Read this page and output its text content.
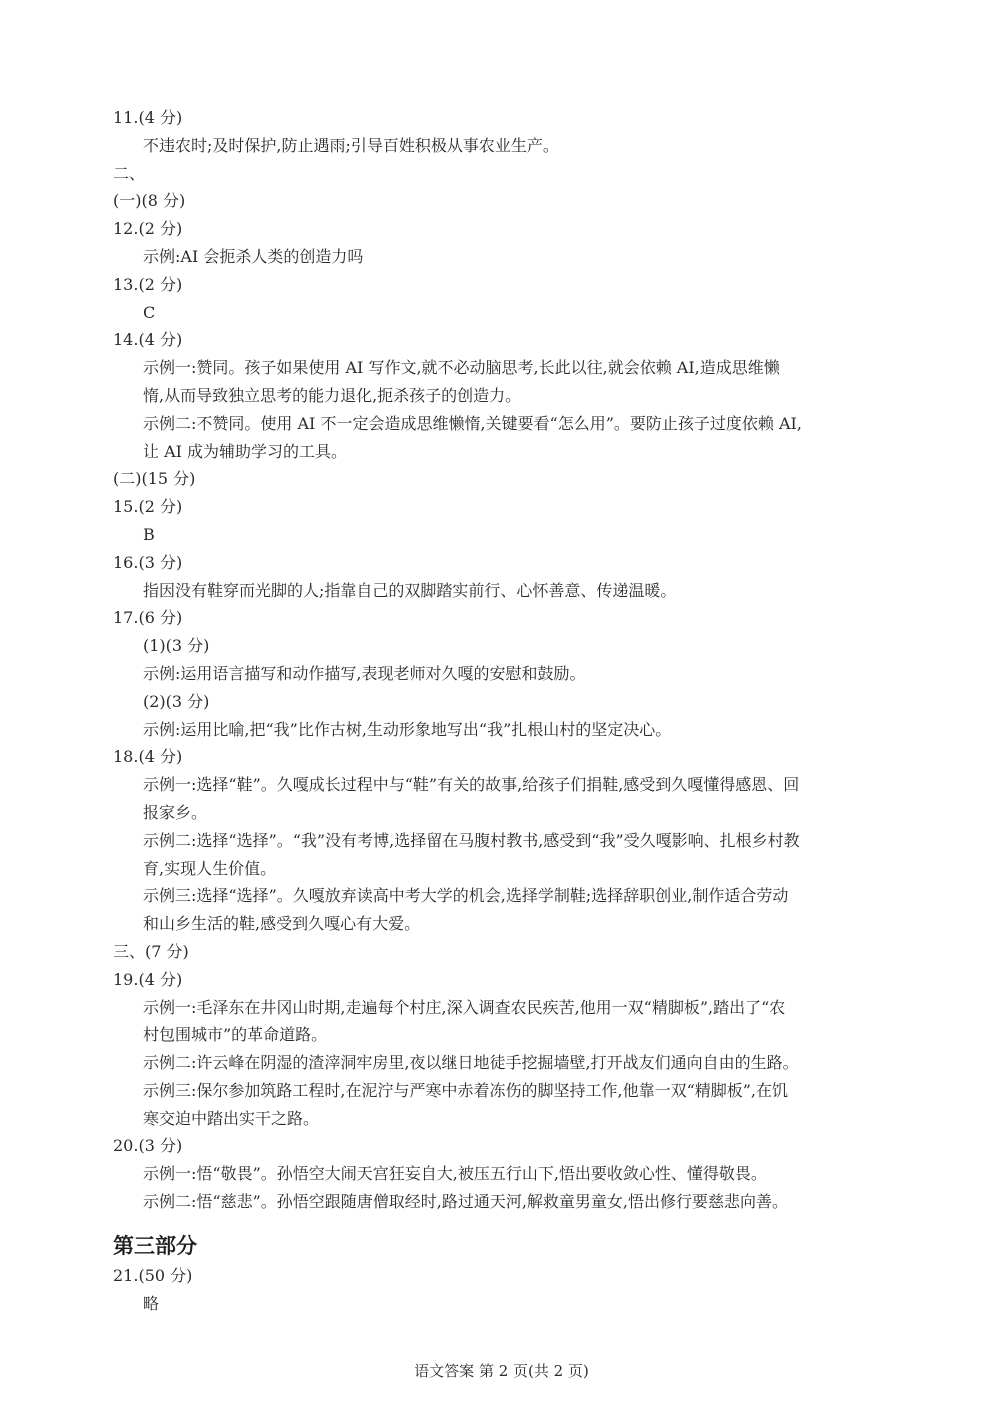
11.(4 分)
不违农时;及时保护,防止遇雨;引导百姓积极从事农业生产。
二、
(一)(8 分)
12.(2 分)
示例:AI 会扼杀人类的创造力吗
13.(2 分)
C
14.(4 分)
示例一:赞同。孩子如果使用 AI 写作文,就不必动脑思考,长此以往,就会依赖 AI,造成思维懒
惰,从而导致独立思考的能力退化,扼杀孩子的创造力。
示例二:不赞同。使用 AI 不一定会造成思维懒惰,关键要看“怎么用”。要防止孩子过度依赖 AI,
让 AI 成为辅助学习的工具。
(二)(15 分)
15.(2 分)
B
16.(3 分)
指因没有鞋穿而光脚的人;指靠自己的双脚踏实前行、心怀善意、传递温暖。
17.(6 分)
(1)(3 分)
示例:运用语言描写和动作描写,表现老师对久嘎的安慰和鼓励。
(2)(3 分)
示例:运用比喻,把“我”比作古树,生动形象地写出“我”扎根山村的坚定决心。
18.(4 分)
示例一:选择“鞋”。久嘎成长过程中与“鞋”有关的故事,给孩子们捐鞋,感受到久嘎懂得感恩、回
报家乡。
示例二:选择“选择”。“我”没有考博,选择留在马腹村教书,感受到“我”受久嘎影响、扎根乡村教
育,实现人生价值。
示例三:选择“选择”。久嘎放弃读高中考大学的机会,选择学制鞋;选择辞职创业,制作适合劳动
和山乡生活的鞋,感受到久嘎心有大爱。
三、(7 分)
19.(4 分)
示例一:毛泽东在井冈山时期,走遍每个村庄,深入调查农民疾苦,他用一双“精脚板”,踏出了“农
村包围城市”的革命道路。
示例二:许云峰在阴湿的渣滓洞牢房里,夜以继日地徒手挖掘墙壁,打开战友们通向自由的生路。
示例三:保尔参加筑路工程时,在泥泞与严寒中赤着冻伤的脚坚持工作,他靠一双“精脚板”,在饥
寒交迫中踏出实干之路。
20.(3 分)
示例一:悟“敬畏”。孙悟空大闹天宫狂妄自大,被压五行山下,悟出要收敛心性、懂得敬畏。
示例二:悟“慈悲”。孙悟空跟随唐僧取经时,路过通天河,解救童男童女,悟出修行要慈悲向善。
第三部分
21.(50 分)
略
语文答案 第 2 页(共 2 页)
